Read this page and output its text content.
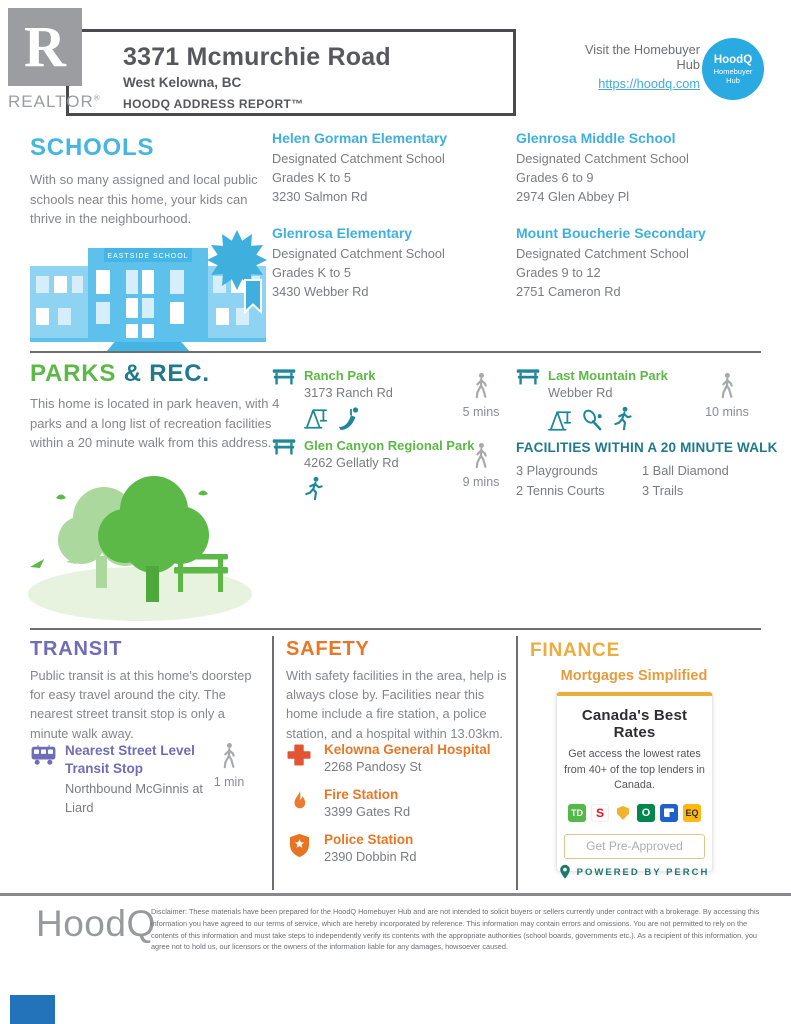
R
REALTOR®
3371 Mcmurchie Road
West Kelowna, BC
HOODQ ADDRESS REPORT™
Visit the Homebuyer Hub
https://hoodq.com
HoodQ
Homebuyer
Hub
SCHOOLS
With so many assigned and local public schools near this home, your kids can thrive in the neighbourhood.
EASTSIDE SCHOOL
Helen Gorman Elementary
Designated Catchment School
Grades K to 5
3230 Salmon Rd
Glenrosa Elementary
Designated Catchment School
Grades K to 5
3430 Webber Rd
Glenrosa Middle School
Designated Catchment School
Grades 6 to 9
2974 Glen Abbey Pl
Mount Boucherie Secondary
Designated Catchment School
Grades 9 to 12
2751 Cameron Rd
PARKS & REC.
This home is located in park heaven, with 4 parks and a long list of recreation facilities within a 20 minute walk from this address.
Ranch Park
3173 Ranch Rd
5 mins
Glen Canyon Regional Park
4262 Gellatly Rd
9 mins
Last Mountain Park
Webber Rd
10 mins
FACILITIES WITHIN A 20 MINUTE WALK
3 Playgrounds
2 Tennis Courts
1 Ball Diamond
3 Trails
TRANSIT
Public transit is at this home's doorstep for easy travel around the city. The nearest street transit stop is only a minute walk away.
Nearest Street Level Transit Stop
Northbound McGinnis at Liard
1 min
SAFETY
With safety facilities in the area, help is always close by. Facilities near this home include a fire station, a police station, and a hospital within 13.03km.
Kelowna General Hospital
2268 Pandosy St
Fire Station
3399 Gates Rd
Police Station
2390 Dobbin Rd
FINANCE
Mortgages Simplified
Canada's Best Rates
Get access the lowest rates from 40+ of the top lenders in Canada.
TD	S	O	EQ
Get Pre-Approved
POWERED BY PERCH
HoodQ
Disclaimer: These materials have been prepared for the HoodQ Homebuyer Hub and are not intended to solicit buyers or sellers currently under contract with a brokerage. By accessing this information you have agreed to our terms of service, which are hereby incorporated by reference. This information may contain errors and omissions. You are not permitted to rely on the contents of this information and must take steps to independently verify its contents with the appropriate authorities (school boards, governments etc.). As a recipient of this information, you agree not to hold us, our licensors or the owners of the information liable for any damages, howsoever caused.
